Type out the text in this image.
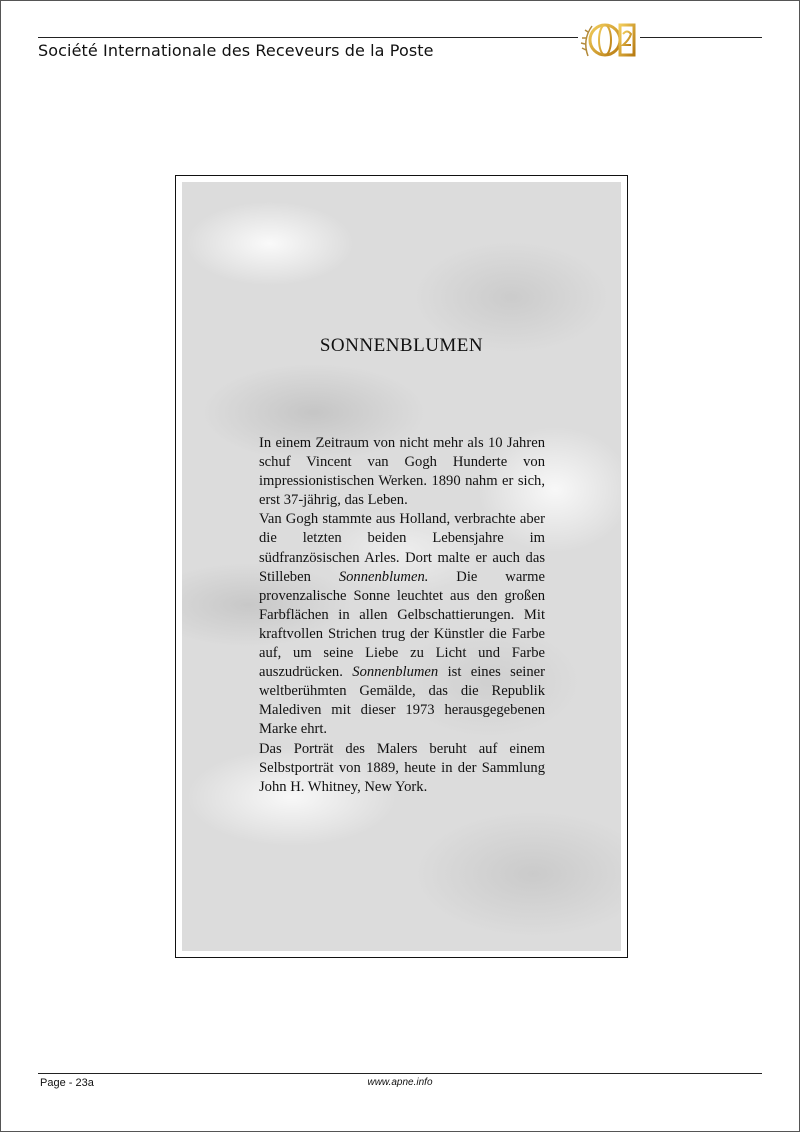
Société Internationale des Receveurs de la Poste
SONNENBLUMEN

In einem Zeitraum von nicht mehr als 10 Jahren schuf Vincent van Gogh Hunderte von impressionistischen Werken. 1890 nahm er sich, erst 37-jährig, das Leben.

Van Gogh stammte aus Holland, verbrachte aber die letzten beiden Lebensjahre im südfranzösischen Arles. Dort malte er auch das Stilleben Sonnenblumen. Die warme provenzalische Sonne leuchtet aus den großen Farbflächen in allen Gelbschattierungen. Mit kraftvollen Strichen trug der Künstler die Farbe auf, um seine Liebe zu Licht und Farbe auszudrücken. Sonnenblumen ist eines seiner weltberühmten Gemälde, das die Republik Malediven mit dieser 1973 herausgegebenen Marke ehrt.

Das Porträt des Malers beruht auf einem Selbstporträt von 1889, heute in der Sammlung John H. Whitney, New York.

Page - 23a	www.apne.info
